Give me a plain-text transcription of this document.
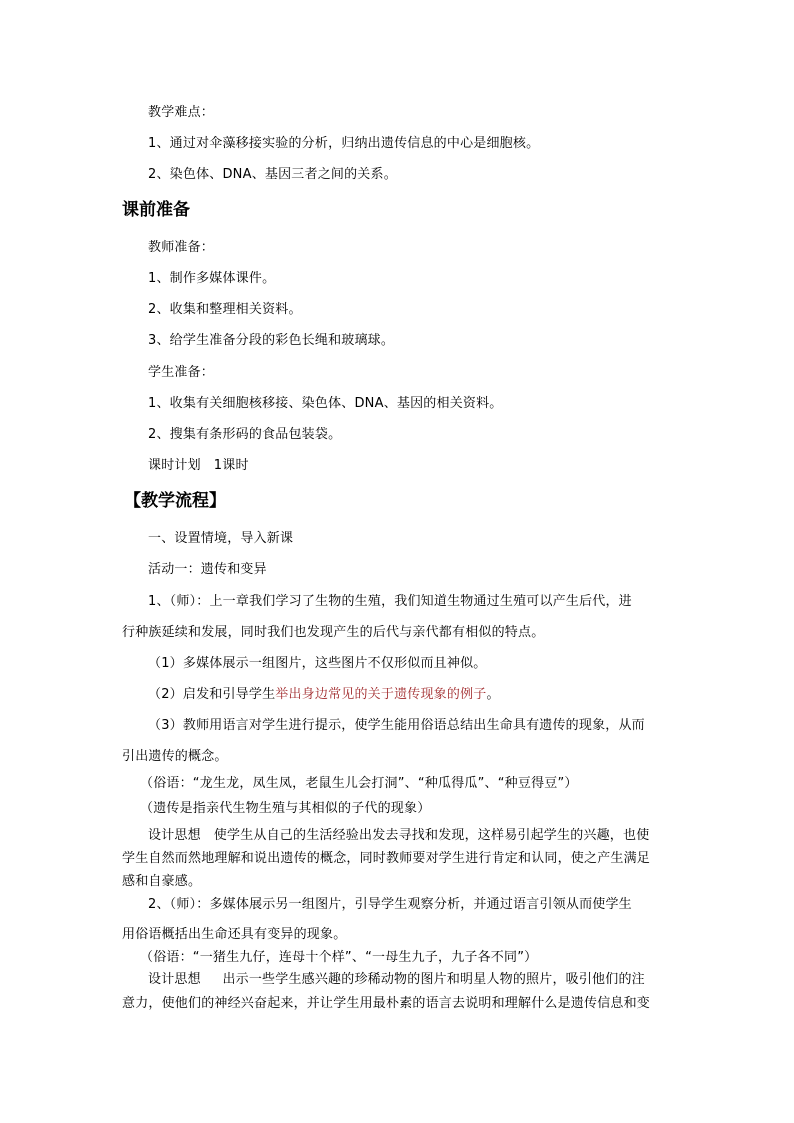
教学难点：
1、通过对伞藻移接实验的分析，归纳出遗传信息的中心是细胞核。
2、染色体、DNA、基因三者之间的关系。
课前准备
教师准备：
1、制作多媒体课件。
2、收集和整理相关资料。
3、给学生准备分段的彩色长绳和玻璃球。
学生准备：
1、收集有关细胞核移接、染色体、DNA、基因的相关资料。
2、搜集有条形码的食品包装袋。
课时计划   1课时
【教学流程】
一、设置情境，导入新课
活动一：遗传和变异
1、（师）：上一章我们学习了生物的生殖，我们知道生物通过生殖可以产生后代，进
行种族延续和发展，同时我们也发现产生的后代与亲代都有相似的特点。
（1）多媒体展示一组图片，这些图片不仅形似而且神似。
（2）启发和引导学生举出身边常见的关于遗传现象的例子。
（3）教师用语言对学生进行提示，使学生能用俗语总结出生命具有遗传的现象，从而
引出遗传的概念。
（俗语：“龙生龙，凤生凤，老鼠生儿会打洞”、“种瓜得瓜”、“种豆得豆”）
（遗传是指亲代生物生殖与其相似的子代的现象）
设计思想   使学生从自己的生活经验出发去寻找和发现，这样易引起学生的兴趣，也使
学生自然而然地理解和说出遗传的概念，同时教师要对学生进行肯定和认同，使之产生满足
感和自豪感。
2、（师）：多媒体展示另一组图片，引导学生观察分析，并通过语言引领从而使学生
用俗语概括出生命还具有变异的现象。
（俗语：“一猪生九仔，连母十个样”、“一母生九子，九子各不同”）
设计思想     出示一些学生感兴趣的珍稀动物的图片和明星人物的照片，吸引他们的注
意力，使他们的神经兴奋起来，并让学生用最朴素的语言去说明和理解什么是遗传信息和变
